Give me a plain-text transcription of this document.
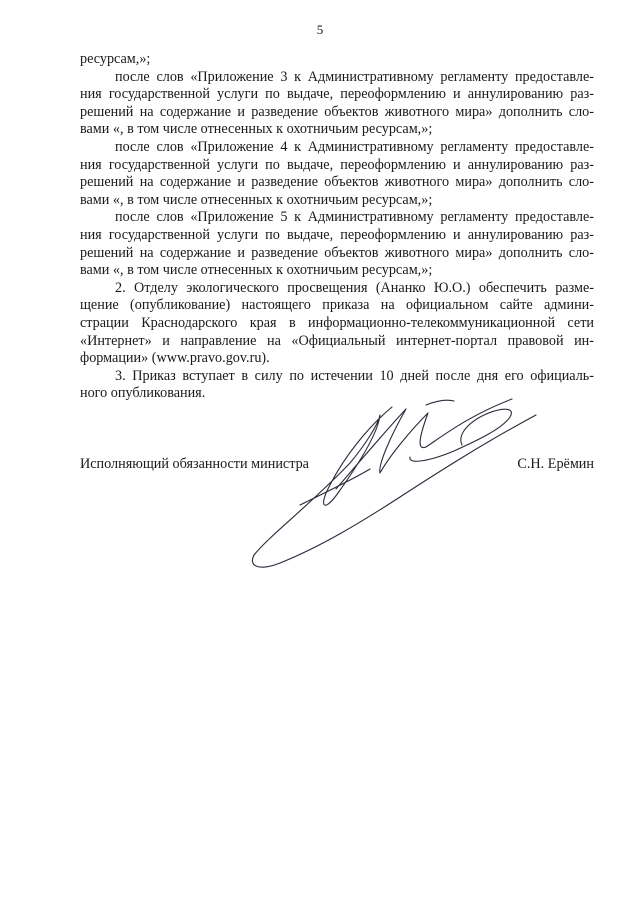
5
ресурсам,»;
после слов «Приложение 3 к Административному регламенту предоставле-
ния государственной услуги по выдаче, переоформлению и аннулированию раз-
решений на содержание и разведение объектов животного мира» дополнить сло-
вами «, в том числе отнесенных к охотничьим ресурсам,»;
после слов «Приложение 4 к Административному регламенту предоставле-
ния государственной услуги по выдаче, переоформлению и аннулированию раз-
решений на содержание и разведение объектов животного мира» дополнить сло-
вами «, в том числе отнесенных к охотничьим ресурсам,»;
после слов «Приложение 5 к Административному регламенту предоставле-
ния государственной услуги по выдаче, переоформлению и аннулированию раз-
решений на содержание и разведение объектов животного мира» дополнить сло-
вами «, в том числе отнесенных к охотничьим ресурсам,»;
2. Отделу экологического просвещения (Ананко Ю.О.) обеспечить разме-
щение (опубликование) настоящего приказа на официальном сайте админи-
страции Краснодарского края в информационно-телекоммуникационной сети
«Интернет» и направление на «Официальный интернет-портал правовой ин-
формации» (www.pravo.gov.ru).
3. Приказ вступает в силу по истечении 10 дней после дня его официаль-
ного опубликования.
Исполняющий обязанности министра	С.Н. Ерёмин
